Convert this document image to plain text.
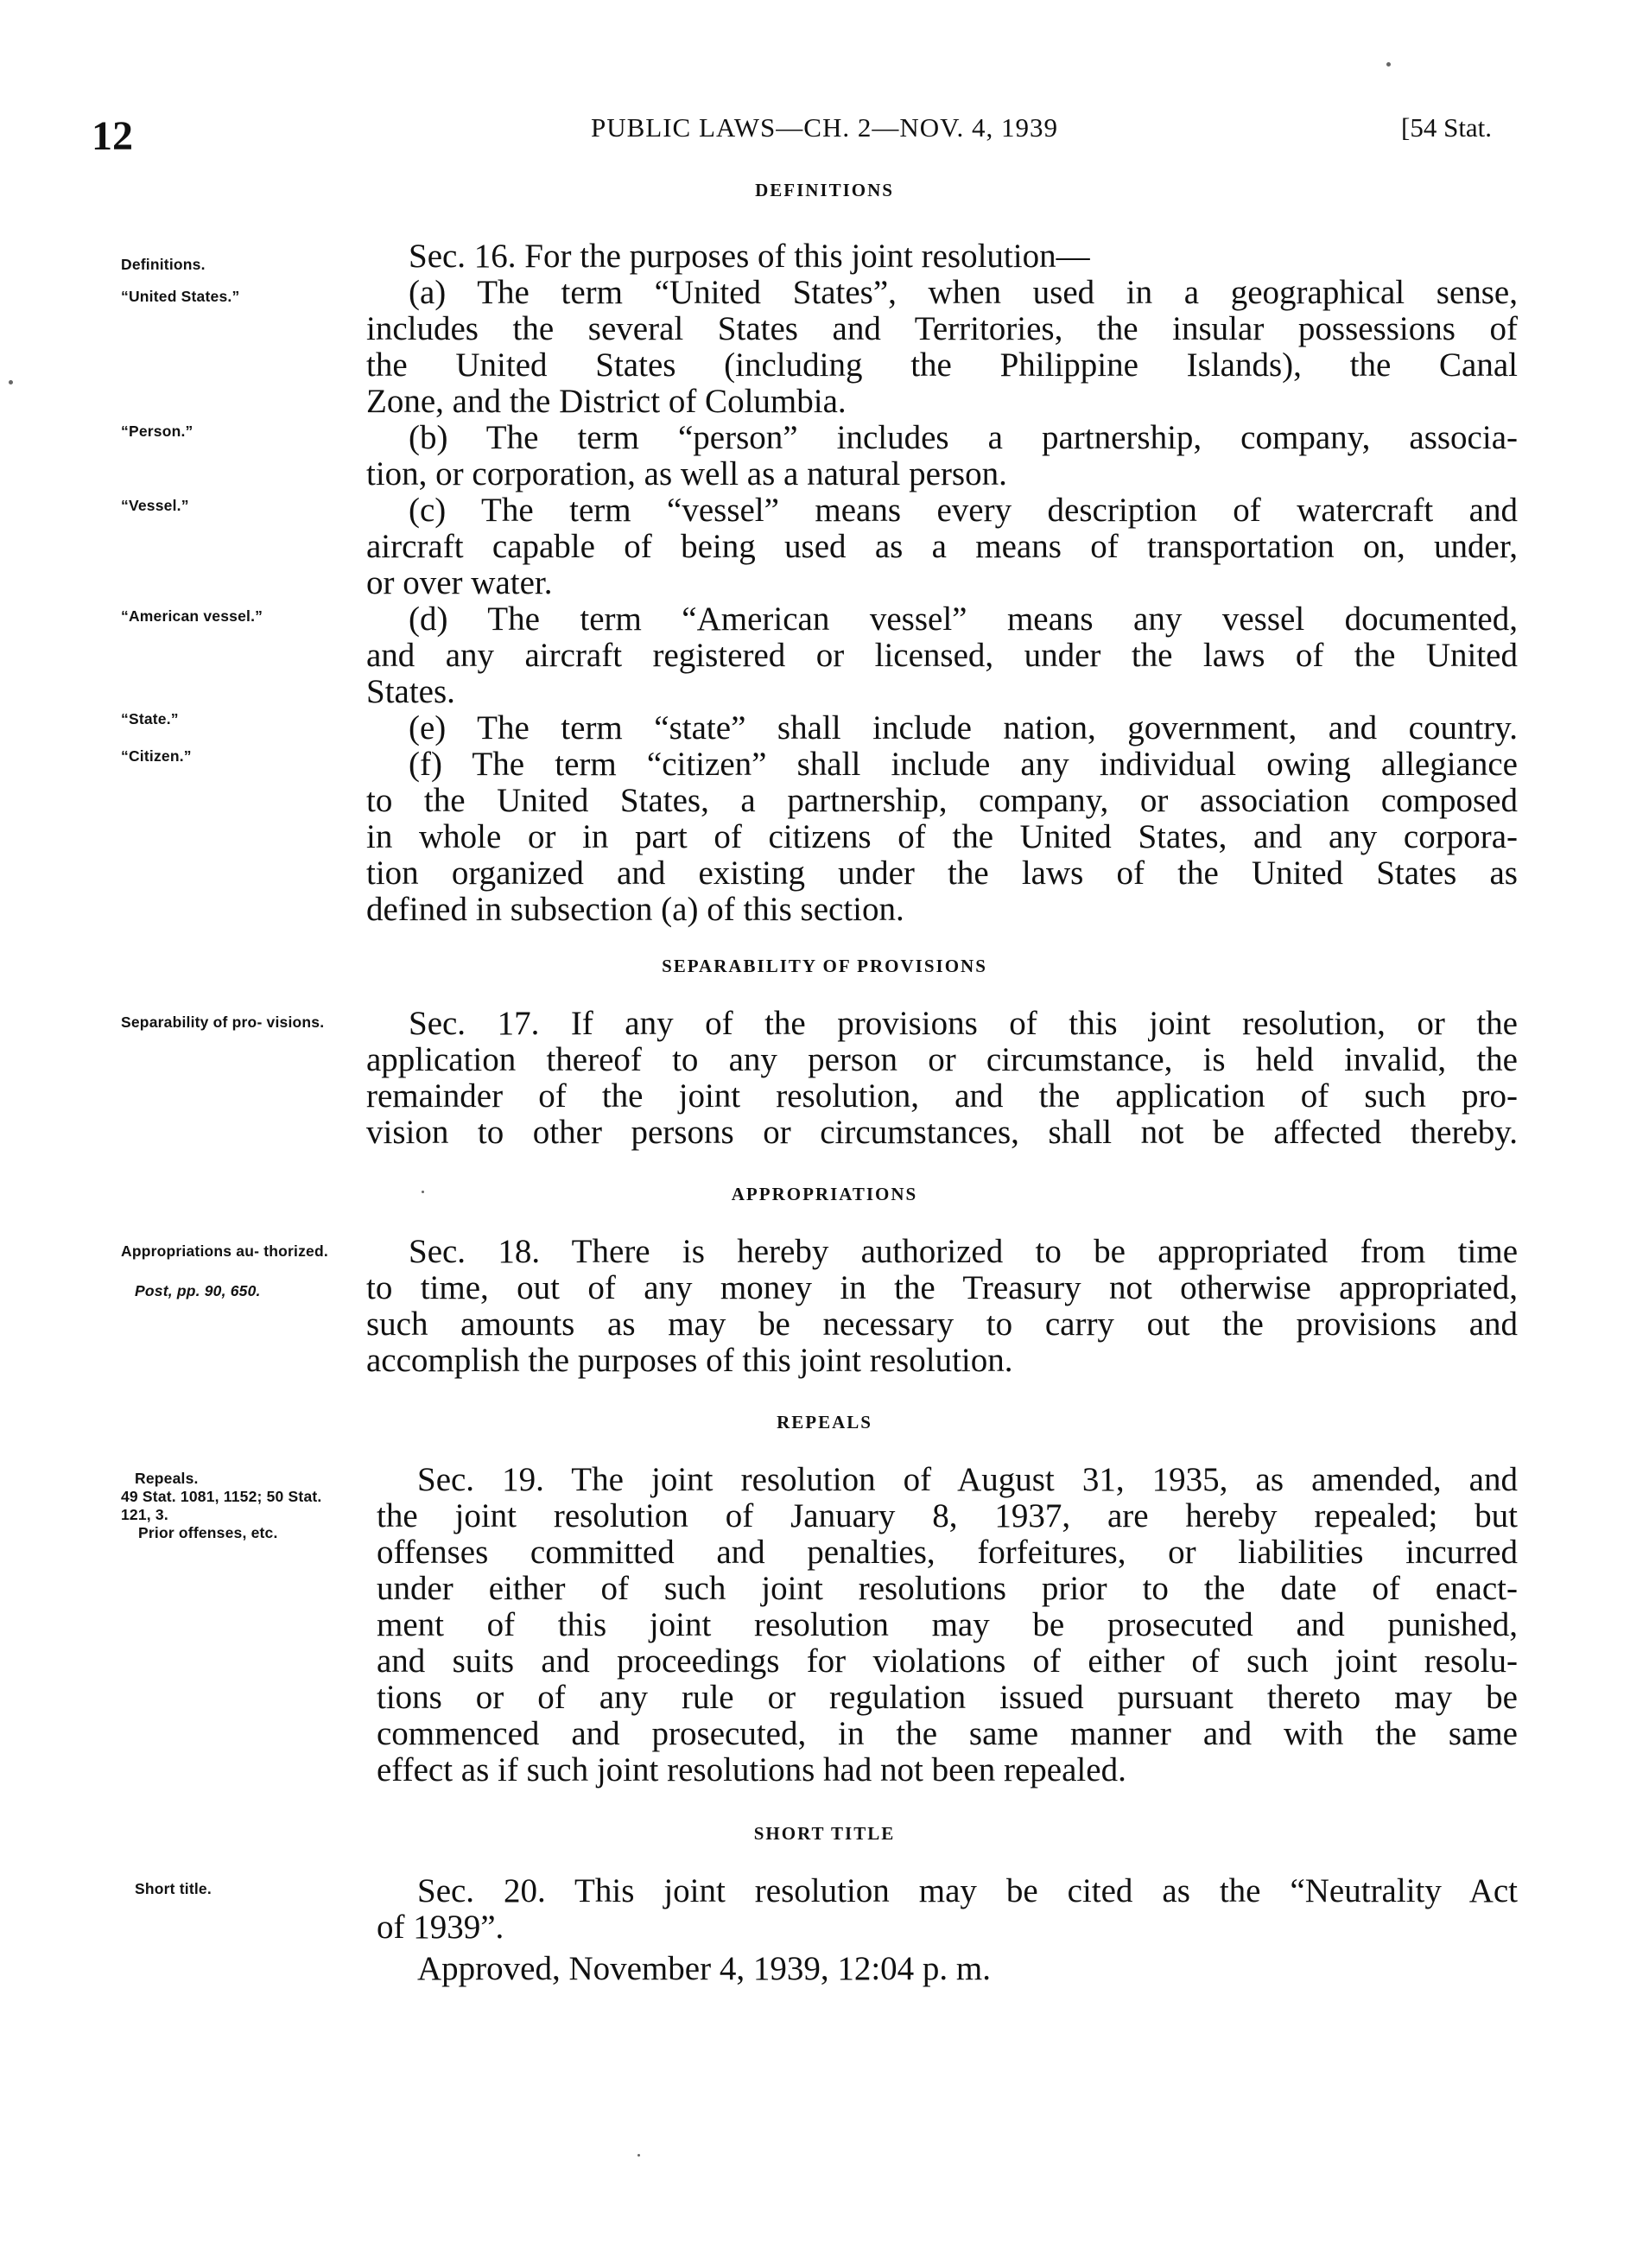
12	PUBLIC LAWS—CH. 2—NOV. 4, 1939	[54 Stat.
DEFINITIONS
Definitions.
“United States.”
“Person.”
“Vessel.”
“American vessel.”
“State.”
“Citizen.”
Sec. 16. For the purposes of this joint resolution—
(a) The term “United States”, when used in a geographical sense,
includes the several States and Territories, the insular possessions of
the United States (including the Philippine Islands), the Canal
Zone, and the District of Columbia.
(b) The term “person” includes a partnership, company, associa-
tion, or corporation, as well as a natural person.
(c) The term “vessel” means every description of watercraft and
aircraft capable of being used as a means of transportation on, under,
or over water.
(d) The term “American vessel” means any vessel documented,
and any aircraft registered or licensed, under the laws of the United
States.
(e) The term “state” shall include nation, government, and country.
(f) The term “citizen” shall include any individual owing allegiance
to the United States, a partnership, company, or association composed
in whole or in part of citizens of the United States, and any corpora-
tion organized and existing under the laws of the United States as
defined in subsection (a) of this section.
SEPARABILITY OF PROVISIONS
Separability of pro- visions.	Sec. 17. If any of the provisions of this joint resolution, or the
application thereof to any person or circumstance, is held invalid, the
remainder of the joint resolution, and the application of such pro-
vision to other persons or circumstances, shall not be affected thereby.
APPROPRIATIONS
Appropriations au- thorized.
Post, pp. 90, 650.
Sec. 18. There is hereby authorized to be appropriated from time
to time, out of any money in the Treasury not otherwise appropriated,
such amounts as may be necessary to carry out the provisions and
accomplish the purposes of this joint resolution.
REPEALS
Repeals.
49 Stat. 1081, 1152; 50 Stat. 121, 3.
Prior offenses, etc.
Sec. 19. The joint resolution of August 31, 1935, as amended, and
the joint resolution of January 8, 1937, are hereby repealed; but
offenses committed and penalties, forfeitures, or liabilities incurred
under either of such joint resolutions prior to the date of enact-
ment of this joint resolution may be prosecuted and punished,
and suits and proceedings for violations of either of such joint resolu-
tions or of any rule or regulation issued pursuant thereto may be
commenced and prosecuted, in the same manner and with the same
effect as if such joint resolutions had not been repealed.
SHORT TITLE
Short title.	Sec. 20. This joint resolution may be cited as the “Neutrality Act
of 1939”.
Approved, November 4, 1939, 12:04 p. m.
